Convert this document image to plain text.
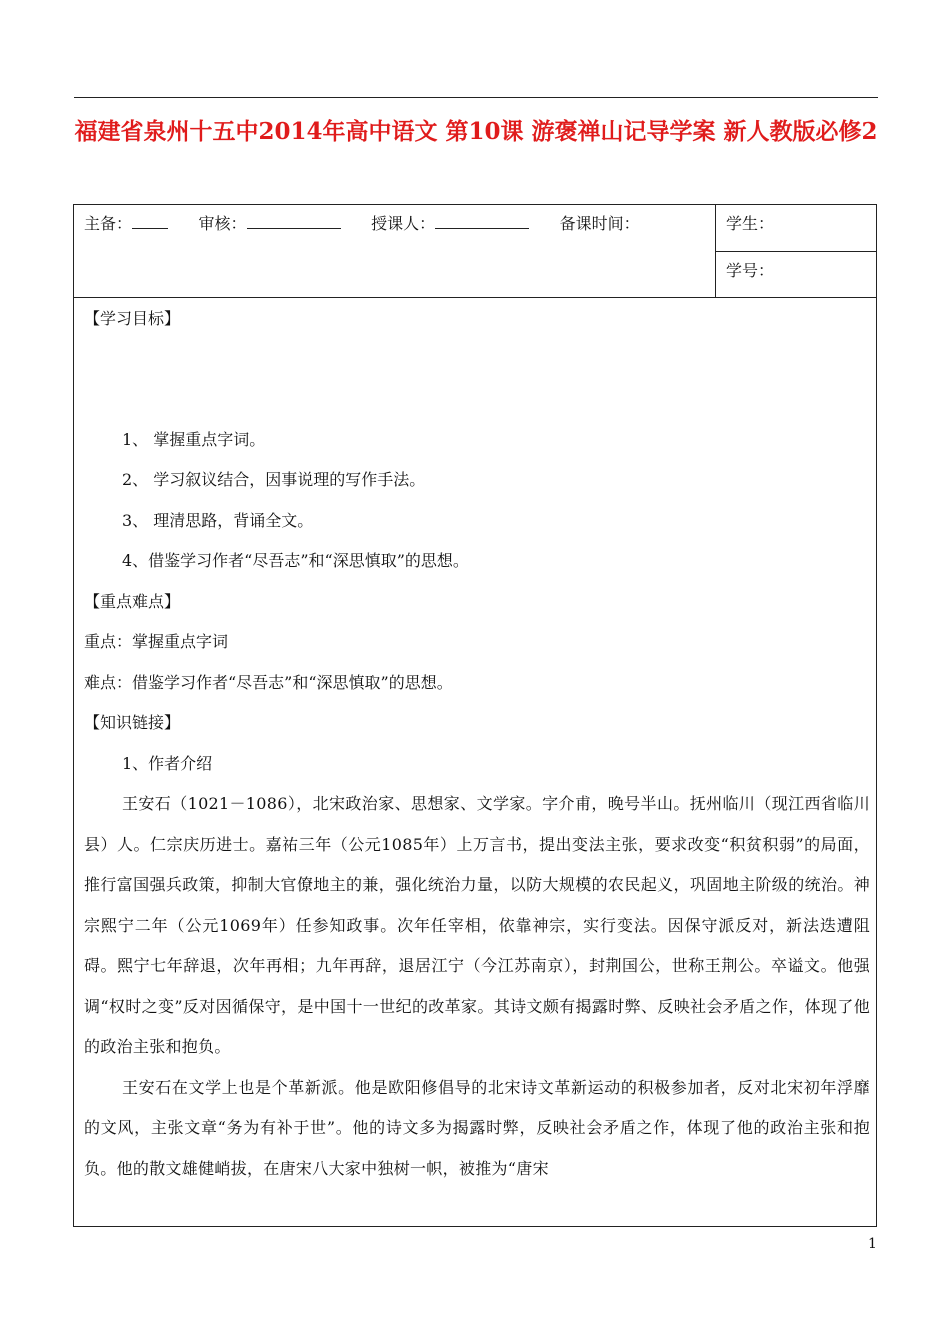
福建省泉州十五中2014年高中语文 第10课 游褒禅山记导学案 新人教版必修2
主备：	审核：	授课人：	备课时间：	学生：
学号：

【学习目标】

1、 掌握重点字词。

2、 学习叙议结合，因事说理的写作手法。

3、 理清思路，背诵全文。

4、借鉴学习作者“尽吾志”和“深思慎取”的思想。

【重点难点】

重点：掌握重点字词

难点：借鉴学习作者“尽吾志”和“深思慎取”的思想。

【知识链接】

1、作者介绍

王安石（1021－1086），北宋政治家、思想家、文学家。字介甫，晚号半山。抚州临川（现江西省临川县）人。仁宗庆历进士。嘉祐三年（公元1085年）上万言书，提出变法主张，要求改变“积贫积弱”的局面，推行富国强兵政策，抑制大官僚地主的兼，强化统治力量，以防大规模的农民起义，巩固地主阶级的统治。神宗熙宁二年（公元1069年）任参知政事。次年任宰相，依靠神宗，实行变法。因保守派反对，新法迭遭阻碍。熙宁七年辞退，次年再相；九年再辞，退居江宁（今江苏南京），封荆国公，世称王荆公。卒谥文。他强调“权时之变”反对因循保守，是中国十一世纪的改革家。其诗文颇有揭露时弊、反映社会矛盾之作，体现了他的政治主张和抱负。

王安石在文学上也是个革新派。他是欧阳修倡导的北宋诗文革新运动的积极参加者，反对北宋初年浮靡的文风，主张文章“务为有补于世”。他的诗文多为揭露时弊，反映社会矛盾之作，体现了他的政治主张和抱负。他的散文雄健峭拔，在唐宋八大家中独树一帜，被推为“唐宋

1
